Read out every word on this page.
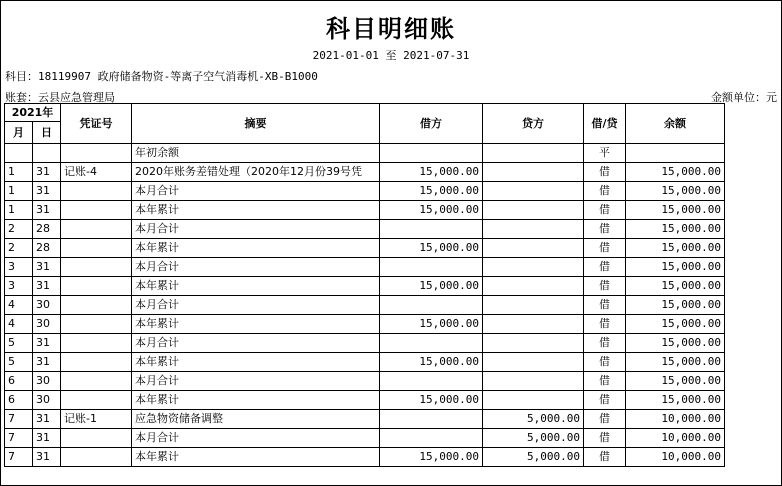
科目明细账
2021-01-01 至 2021-07-31
科目：18119907 政府储备物资-等离子空气消毒机-XB-B1000
账套：云县应急管理局	金额单位：元
2021年		凭证号	摘要	借方	贷方	借/贷	余额
月	日						
			年初余额			平	
1	31	记账-4	2020年账务差错处理（2020年12月份39号凭	15,000.00		借	15,000.00
1	31		本月合计	15,000.00		借	15,000.00
1	31		本年累计	15,000.00		借	15,000.00
2	28		本月合计			借	15,000.00
2	28		本年累计	15,000.00		借	15,000.00
3	31		本月合计			借	15,000.00
3	31		本年累计	15,000.00		借	15,000.00
4	30		本月合计			借	15,000.00
4	30		本年累计	15,000.00		借	15,000.00
5	31		本月合计			借	15,000.00
5	31		本年累计	15,000.00		借	15,000.00
6	30		本月合计			借	15,000.00
6	30		本年累计	15,000.00		借	15,000.00
7	31	记账-1	应急物资储备调整		5,000.00	借	10,000.00
7	31		本月合计		5,000.00	借	10,000.00
7	31		本年累计	15,000.00	5,000.00	借	10,000.00
